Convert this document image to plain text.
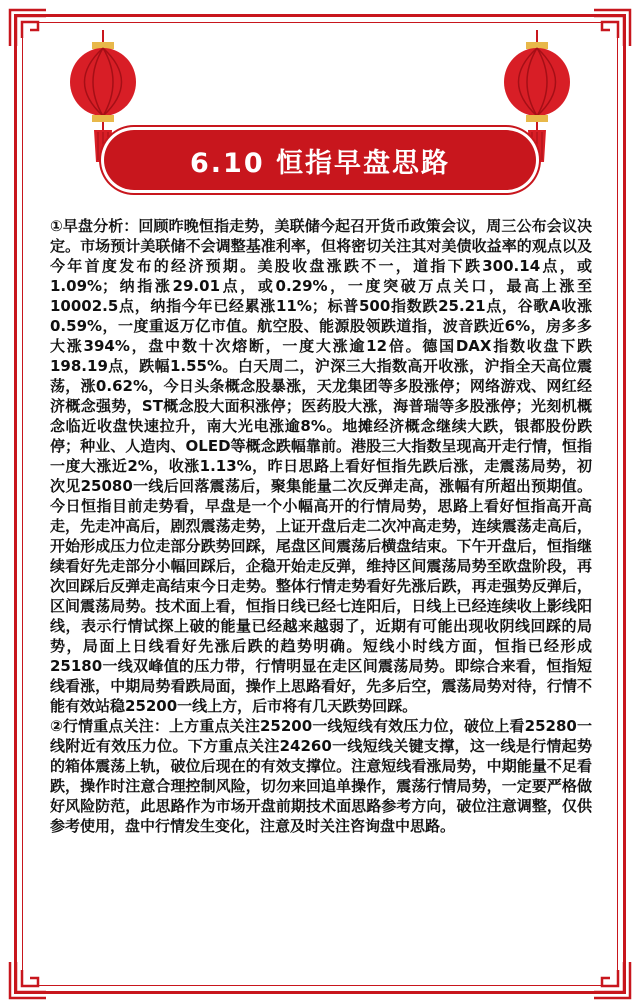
6.10 恒指早盘思路

①早盘分析：回顾昨晚恒指走势，美联储今起召开货币政策会议，周三公布会议决定。市场预计美联储不会调整基准利率，但将密切关注其对美债收益率的观点以及今年首度发布的经济预期。美股收盘涨跌不一，道指下跌300.14点，或1.09%；纳指涨29.01点，或0.29%，一度突破万点关口，最高上涨至10002.5点，纳指今年已经累涨11%；标普500指数跌25.21点，谷歌A收涨0.59%，一度重返万亿市值。航空股、能源股领跌道指，波音跌近6%，房多多大涨394%，盘中数十次熔断，一度大涨逾12倍。德国DAX指数收盘下跌198.19点，跌幅1.55%。白天周二，沪深三大指数高开收涨，沪指全天高位震荡，涨0.62%，今日头条概念股暴涨，天龙集团等多股涨停；网络游戏、网红经济概念强势，ST概念股大面积涨停；医药股大涨，海普瑞等多股涨停；光刻机概念临近收盘快速拉升，南大光电涨逾8%。地摊经济概念继续大跌，银都股份跌停；种业、人造肉、OLED等概念跌幅靠前。港股三大指数呈现高开走行情，恒指一度大涨近2%，收涨1.13%，昨日思路上看好恒指先跌后涨，走震荡局势，初次见25080一线后回落震荡后，聚集能量二次反弹走高，涨幅有所超出预期值。今日恒指目前走势看，早盘是一个小幅高开的行情局势，思路上看好恒指高开高走，先走冲高后，剧烈震荡走势，上证开盘后走二次冲高走势，连续震荡走高后，开始形成压力位走部分跌势回踩，尾盘区间震荡后横盘结束。下午开盘后，恒指继续看好先走部分小幅回踩后，企稳开始走反弹，维持区间震荡局势至欧盘阶段，再次回踩后反弹走高结束今日走势。整体行情走势看好先涨后跌，再走强势反弹后，区间震荡局势。技术面上看，恒指日线已经七连阳后，日线上已经连续收上影线阳线，表示行情试探上破的能量已经越来越弱了，近期有可能出现收阴线回踩的局势，局面上日线看好先涨后跌的趋势明确。短线小时线方面，恒指已经形成25180一线双峰值的压力带，行情明显在走区间震荡局势。即综合来看，恒指短线看涨，中期局势看跌局面，操作上思路看好，先多后空，震荡局势对待，行情不能有效站稳25200一线上方，后市将有几天跌势回踩。

②行情重点关注：上方重点关注25200一线短线有效压力位，破位上看25280一线附近有效压力位。下方重点关注24260一线短线关键支撑，这一线是行情起势的箱体震荡上轨，破位后现在的有效支撑位。注意短线看涨局势，中期能量不足看跌，操作时注意合理控制风险，切勿来回追单操作，震荡行情局势，一定要严格做好风险防范，此思路作为市场开盘前期技术面思路参考方向，破位注意调整，仅供参考使用，盘中行情发生变化，注意及时关注咨询盘中思路。
